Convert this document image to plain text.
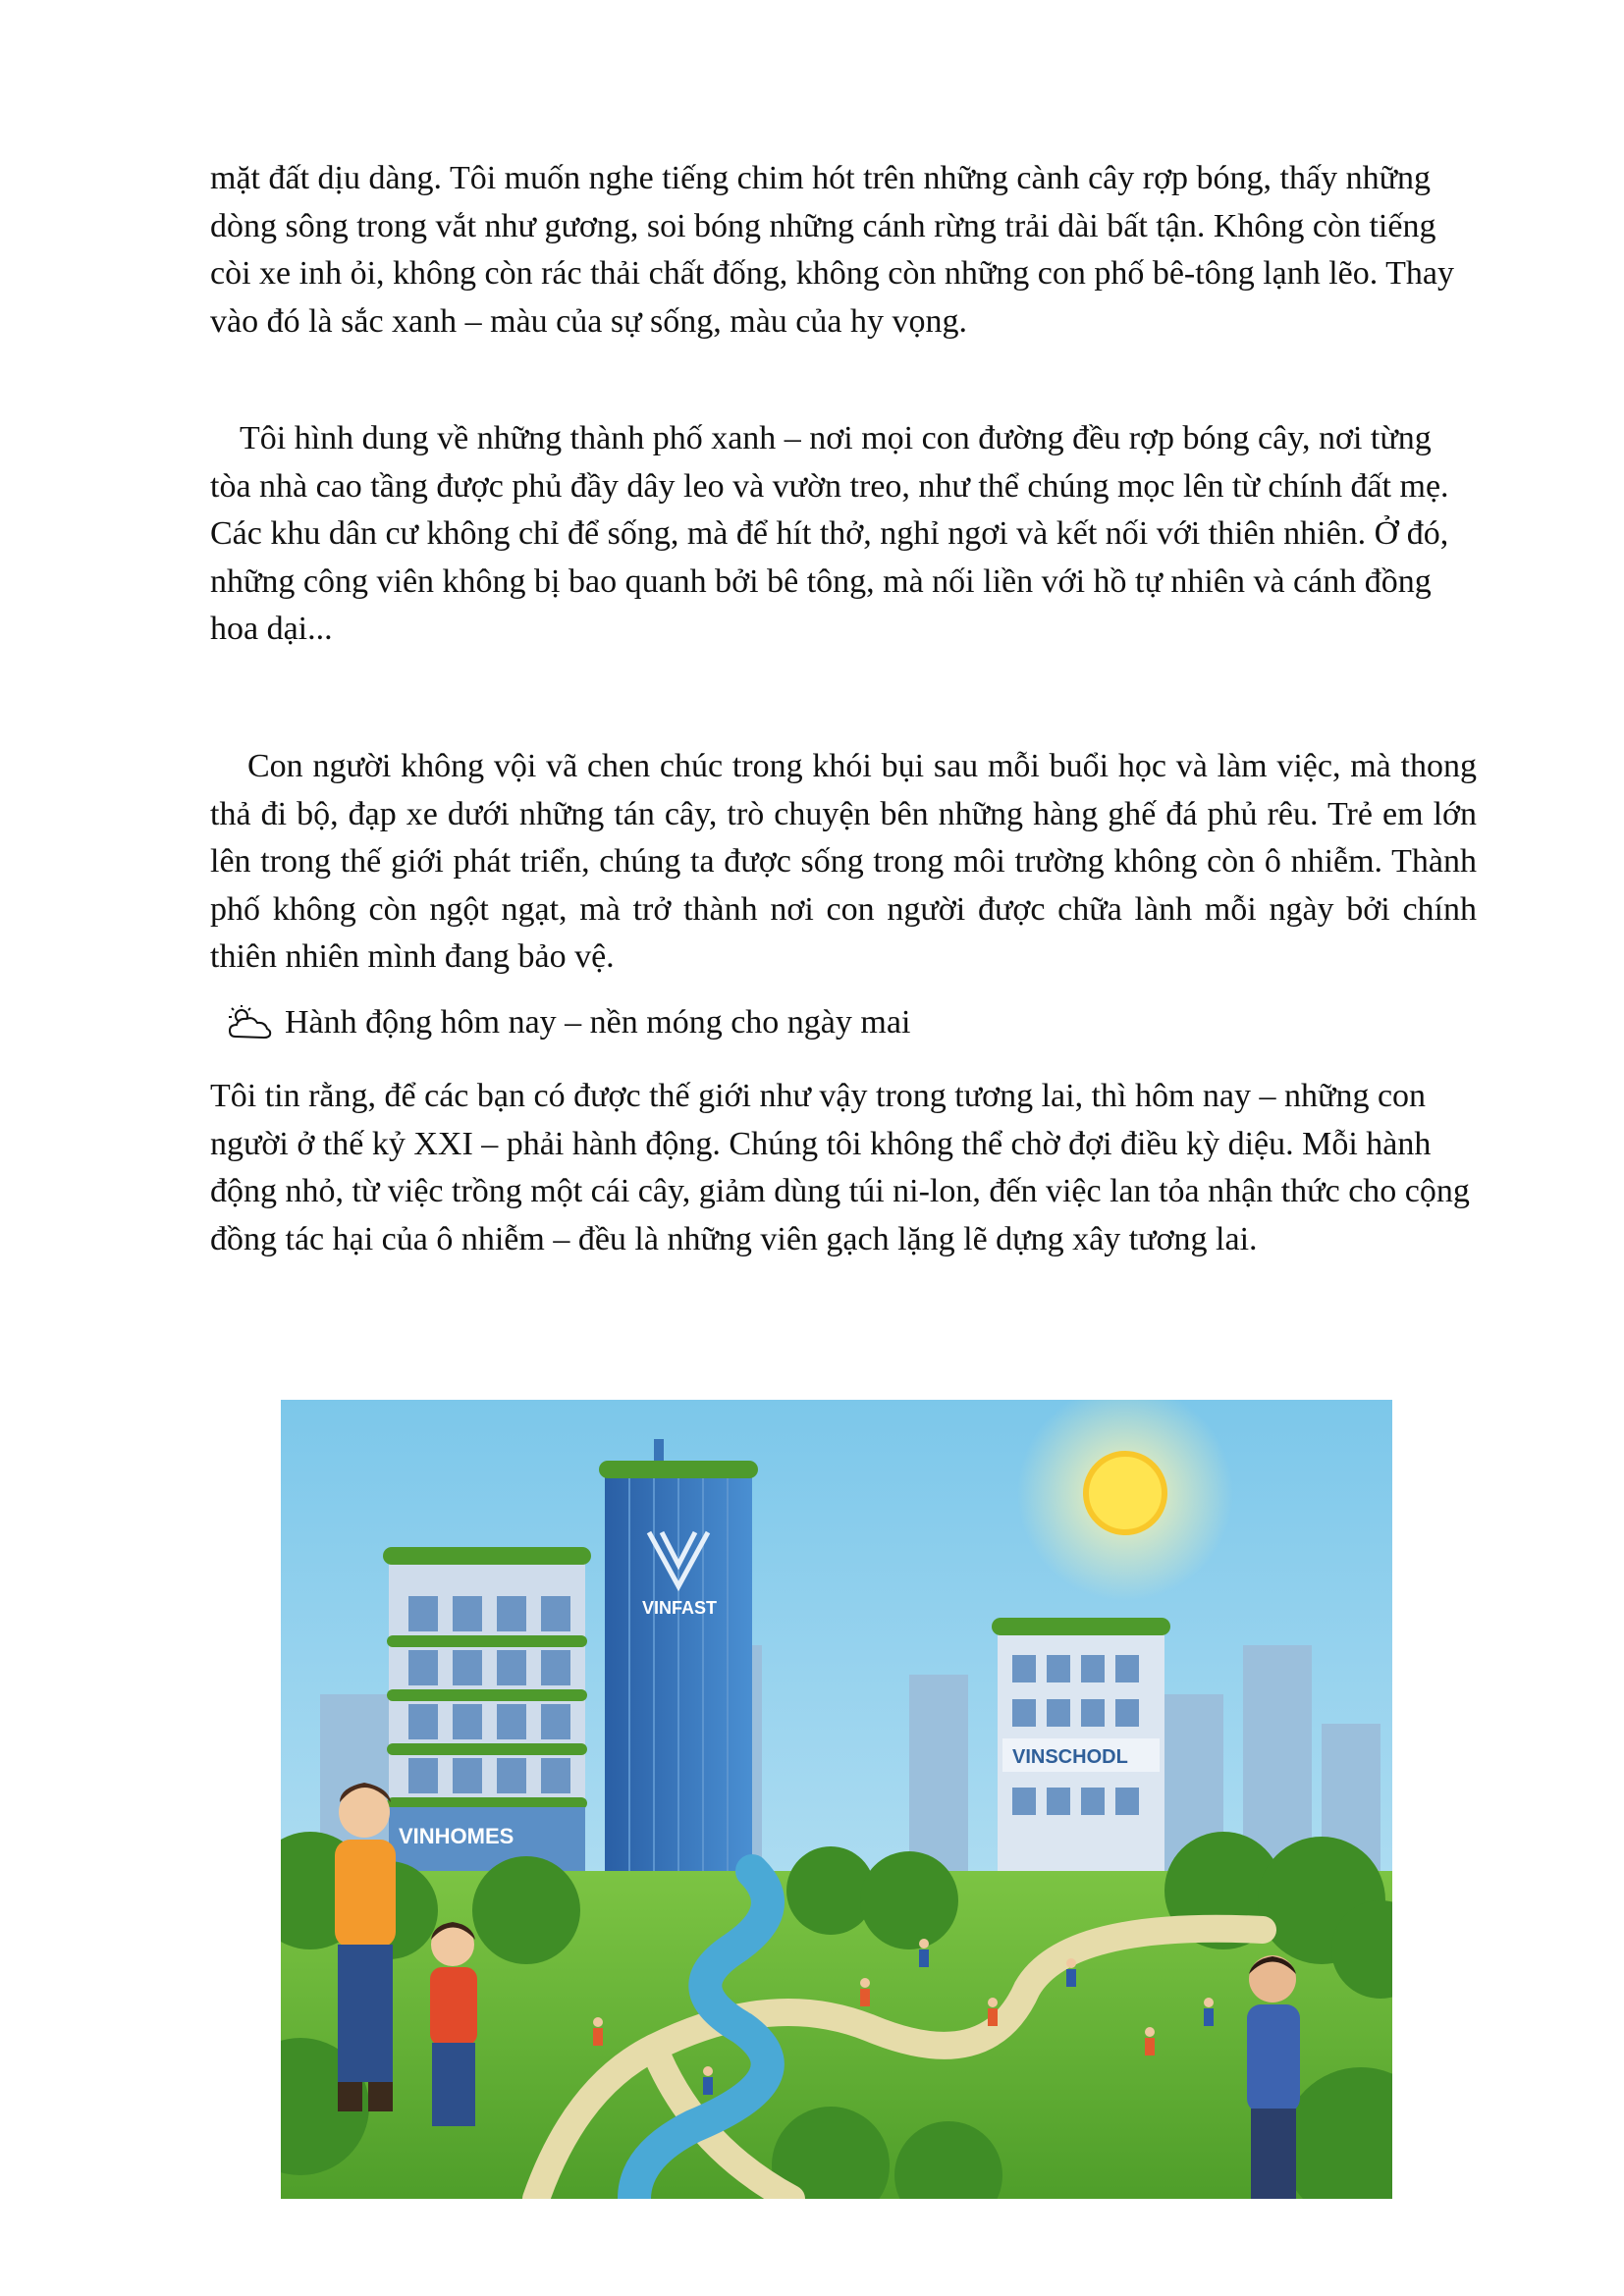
mặt đất dịu dàng. Tôi muốn nghe tiếng chim hót trên những cành cây rợp bóng, thấy những dòng sông trong vắt như gương, soi bóng những cánh rừng trải dài bất tận. Không còn tiếng còi xe inh ỏi, không còn rác thải chất đống, không còn những con phố bê-tông lạnh lẽo. Thay vào đó là sắc xanh – màu của sự sống, màu của hy vọng.

Tôi hình dung về những thành phố xanh – nơi mọi con đường đều rợp bóng cây, nơi từng tòa nhà cao tầng được phủ đầy dây leo và vườn treo, như thể chúng mọc lên từ chính đất mẹ. Các khu dân cư không chỉ để sống, mà để hít thở, nghỉ ngơi và kết nối với thiên nhiên. Ở đó, những công viên không bị bao quanh bởi bê tông, mà nối liền với hồ tự nhiên và cánh đồng hoa dại...

Con người không vội vã chen chúc trong khói bụi sau mỗi buổi học và làm việc, mà thong thả đi bộ, đạp xe dưới những tán cây, trò chuyện bên những hàng ghế đá phủ rêu. Trẻ em lớn lên trong thế giới phát triển, chúng ta được sống trong môi trường không còn ô nhiễm. Thành phố không còn ngột ngạt, mà trở thành nơi con người được chữa lành mỗi ngày bởi chính thiên nhiên mình đang bảo vệ.

Hành động hôm nay – nền móng cho ngày mai

Tôi tin rằng, để các bạn có được thế giới như vậy trong tương lai, thì hôm nay – những con người ở thế kỷ XXI – phải hành động. Chúng tôi không thể chờ đợi điều kỳ diệu. Mỗi hành động nhỏ, từ việc trồng một cái cây, giảm dùng túi ni-lon, đến việc lan tỏa nhận thức cho cộng đồng tác hại của ô nhiễm – đều là những viên gạch lặng lẽ dựng xây tương lai.

VINHOMES
VINFAST
VINSCHODL
